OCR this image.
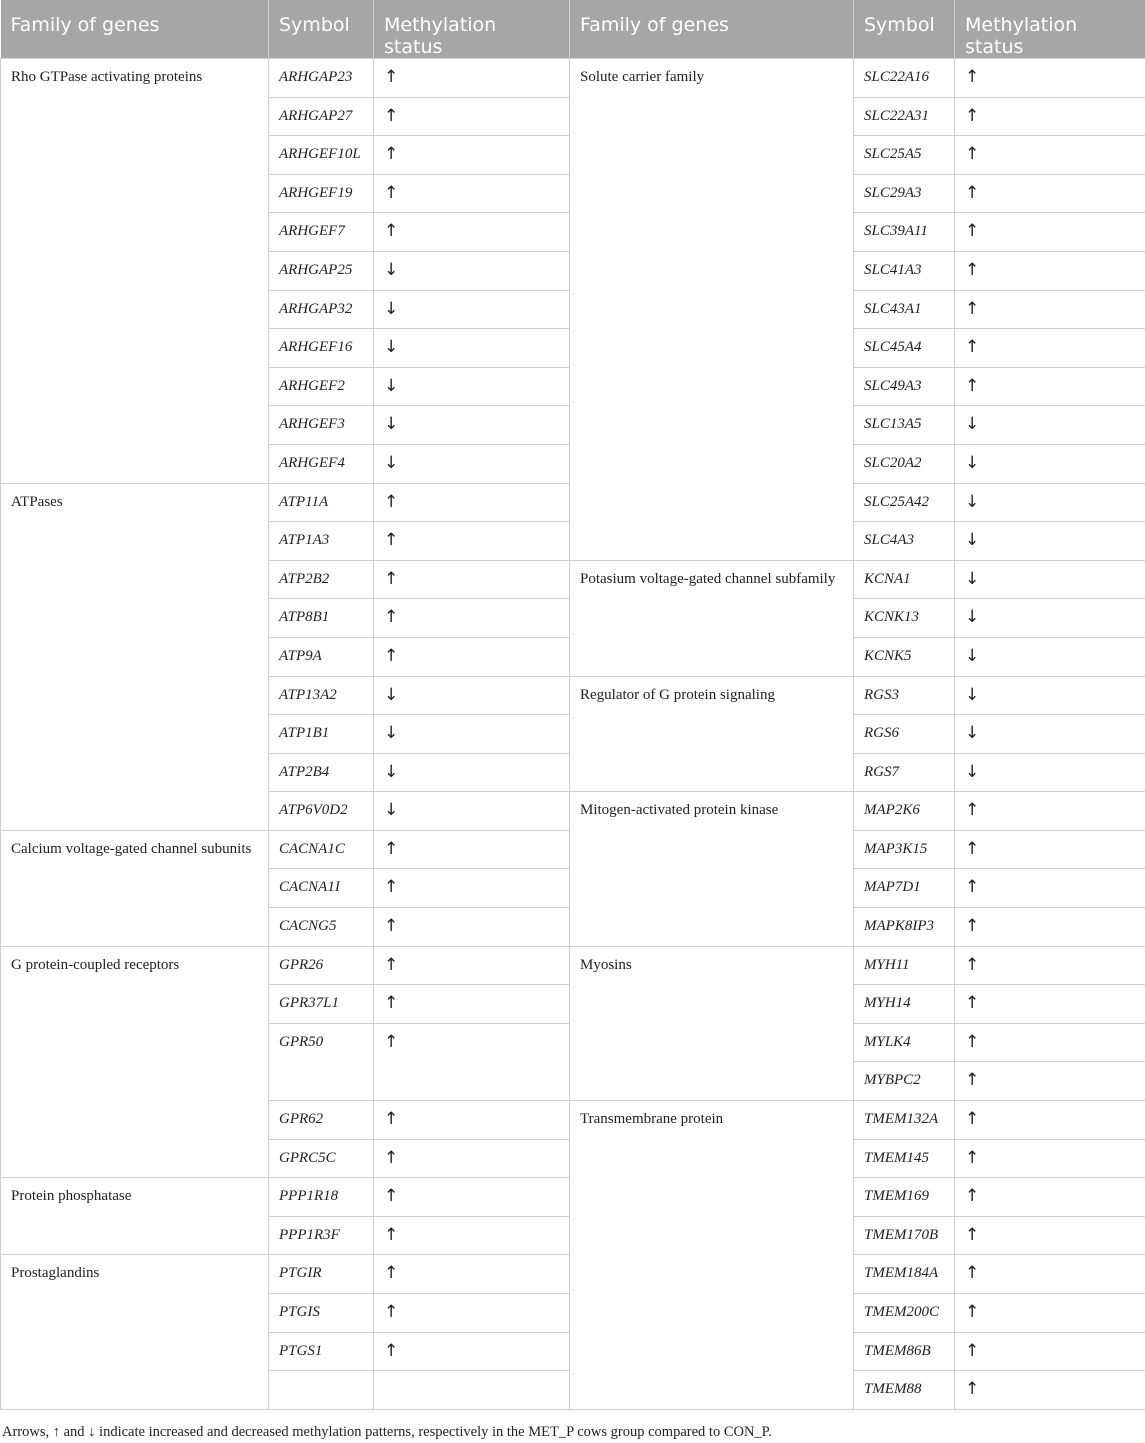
Family of genes	Symbol	Methylation status	Family of genes	Symbol	Methylation status
Rho GTPase activating proteins	ARHGAP23	↑	Solute carrier family	SLC22A16	↑
	ARHGAP27	↑		SLC22A31	↑
	ARHGEF10L	↑		SLC25A5	↑
	ARHGEF19	↑		SLC29A3	↑
	ARHGEF7	↑		SLC39A11	↑
	ARHGAP25	↓		SLC41A3	↑
	ARHGAP32	↓		SLC43A1	↑
	ARHGEF16	↓		SLC45A4	↑
	ARHGEF2	↓		SLC49A3	↑
	ARHGEF3	↓		SLC13A5	↓
	ARHGEF4	↓		SLC20A2	↓
ATPases	ATP11A	↑		SLC25A42	↓
	ATP1A3	↑		SLC4A3	↓
	ATP2B2	↑	Potasium voltage-gated channel subfamily	KCNA1	↓
	ATP8B1	↑		KCNK13	↓
	ATP9A	↑		KCNK5	↓
	ATP13A2	↓	Regulator of G protein signaling	RGS3	↓
	ATP1B1	↓		RGS6	↓
	ATP2B4	↓		RGS7	↓
	ATP6V0D2	↓	Mitogen-activated protein kinase	MAP2K6	↑
Calcium voltage-gated channel subunits	CACNA1C	↑		MAP3K15	↑
	CACNA1I	↑		MAP7D1	↑
	CACNG5	↑		MAPK8IP3	↑
G protein-coupled receptors	GPR26	↑	Myosins	MYH11	↑
	GPR37L1	↑		MYH14	↑
	GPR50	↑		MYLK4	↑
				MYBPC2	↑
	GPR62	↑	Transmembrane protein	TMEM132A	↑
	GPRC5C	↑		TMEM145	↑
Protein phosphatase	PPP1R18	↑		TMEM169	↑
	PPP1R3F	↑		TMEM170B	↑
Prostaglandins	PTGIR	↑		TMEM184A	↑
	PTGIS	↑		TMEM200C	↑
	PTGS1	↑		TMEM86B	↑
				TMEM88	↑

Arrows, ↑ and ↓ indicate increased and decreased methylation patterns, respectively in the MET_P cows group compared to CON_P.
